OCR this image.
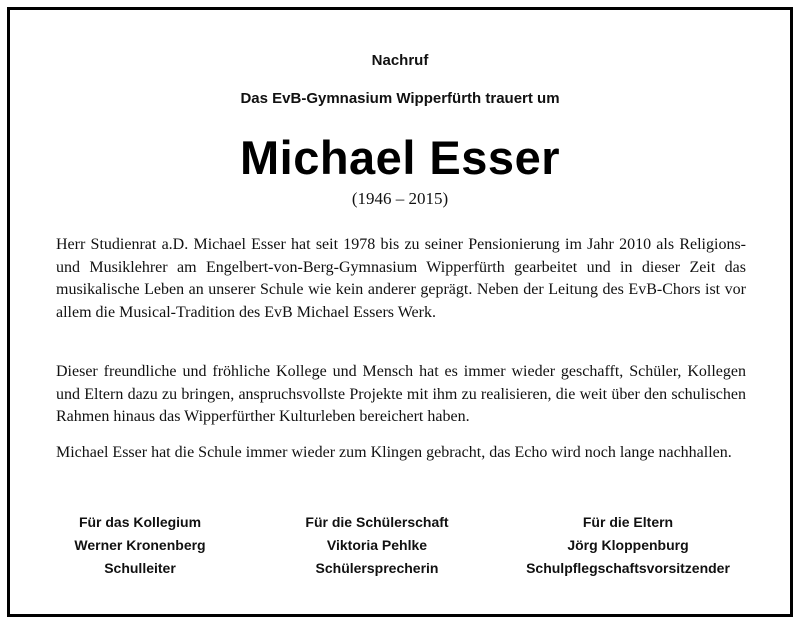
Nachruf
Das EvB-Gymnasium Wipperfürth trauert um
Michael Esser
(1946 – 2015)

Herr Studienrat a.D. Michael Esser hat seit 1978 bis zu seiner Pensionierung im Jahr 2010 als Religions- und Musiklehrer am Engelbert-von-Berg-Gymnasium Wipperfürth gearbeitet und in dieser Zeit das musikalische Leben an unserer Schule wie kein anderer geprägt. Neben der Leitung des EvB-Chors ist vor allem die Musical-Tradition des EvB Michael Essers Werk.

Dieser freundliche und fröhliche Kollege und Mensch hat es immer wieder geschafft, Schüler, Kollegen und Eltern dazu zu bringen, anspruchsvollste Projekte mit ihm zu realisieren, die weit über den schulischen Rahmen hinaus das Wipperfürther Kulturleben bereichert haben.

Michael Esser hat die Schule immer wieder zum Klingen gebracht, das Echo wird noch lange nachhallen.

Für das Kollegium
Werner Kronenberg
Schulleiter
Für die Schülerschaft
Viktoria Pehlke
Schülersprecherin
Für die Eltern
Jörg Kloppenburg
Schulpflegschaftsvorsitzender
